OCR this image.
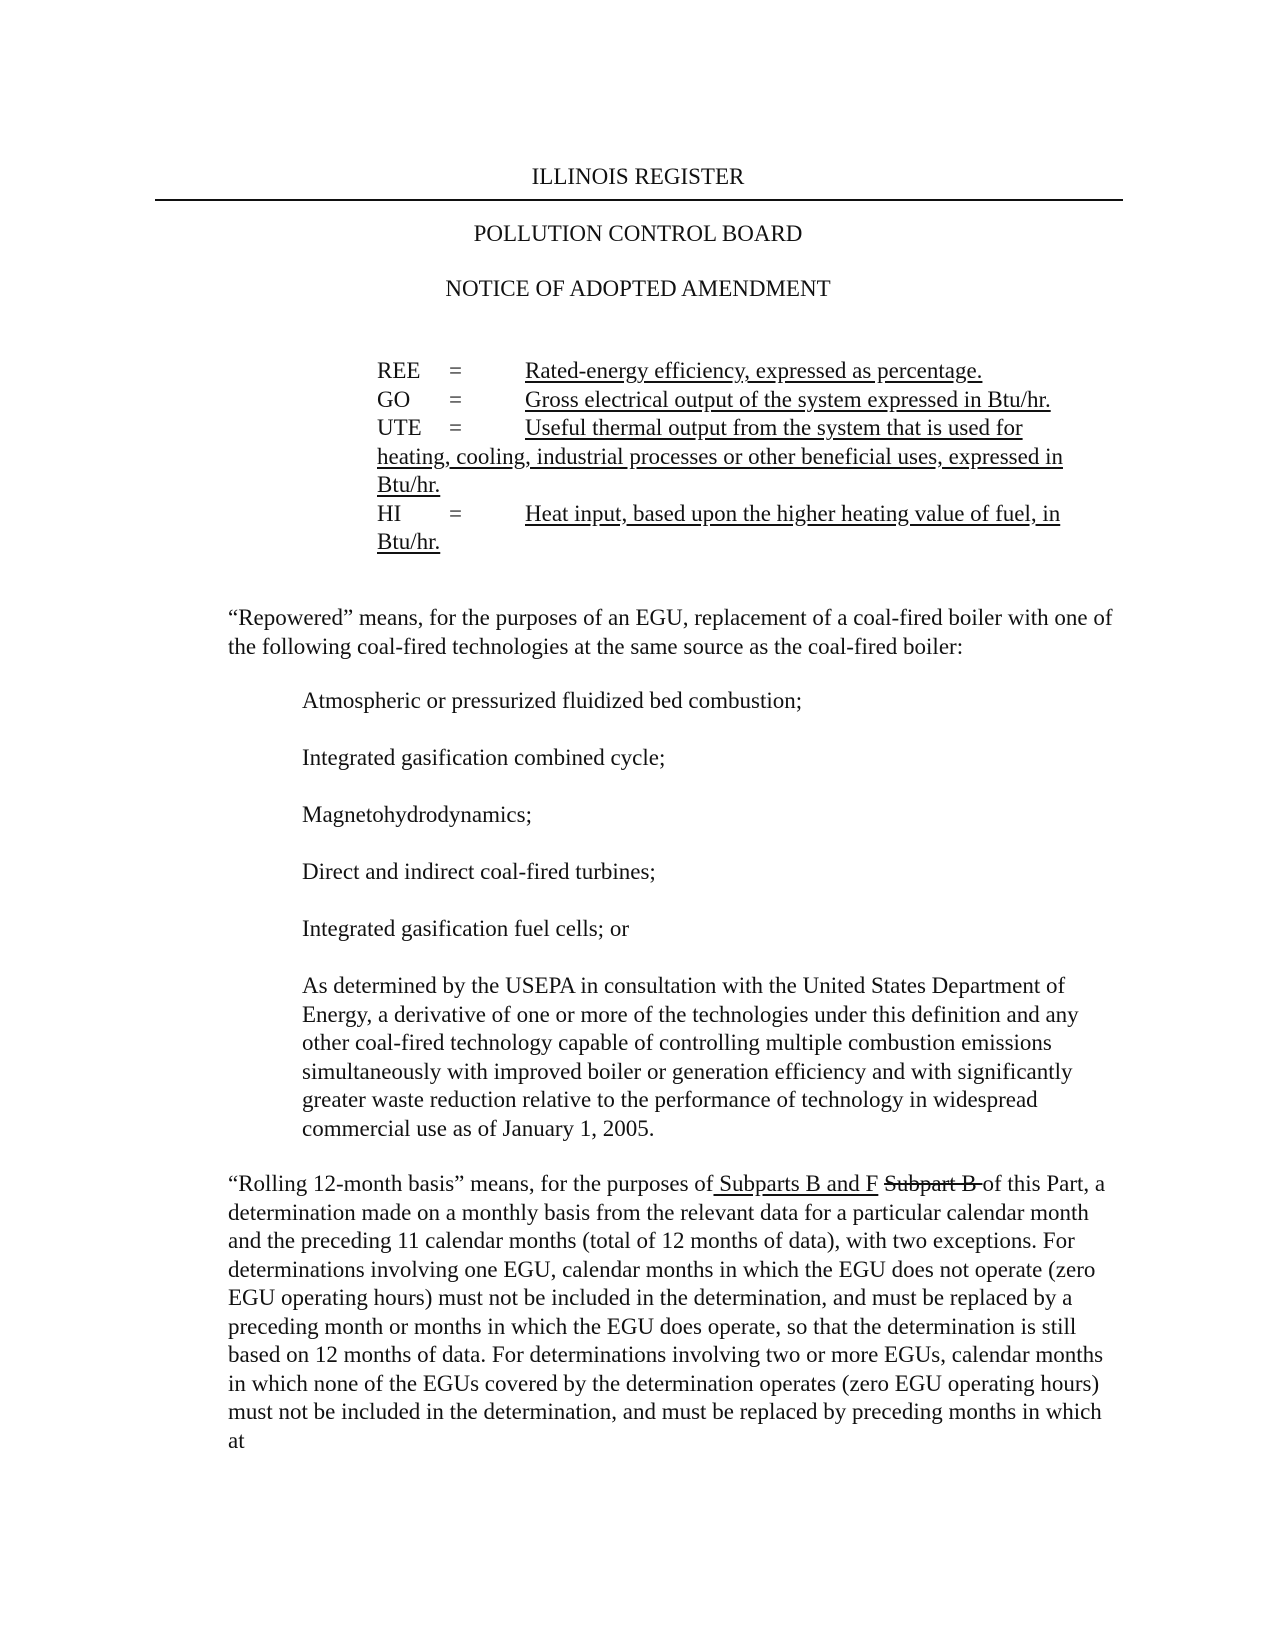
ILLINOIS REGISTER
POLLUTION CONTROL BOARD
NOTICE OF ADOPTED AMENDMENT
REE =	Rated-energy efficiency, expressed as percentage.
GO =	Gross electrical output of the system expressed in Btu/hr.
UTE =	Useful thermal output from the system that is used for
heating, cooling, industrial processes or other beneficial uses, expressed in Btu/hr.
HI =	Heat input, based upon the higher heating value of fuel, in
Btu/hr.
“Repowered” means, for the purposes of an EGU, replacement of a coal-fired boiler with one of the following coal-fired technologies at the same source as the coal-fired boiler:
Atmospheric or pressurized fluidized bed combustion;
Integrated gasification combined cycle;
Magnetohydrodynamics;
Direct and indirect coal-fired turbines;
Integrated gasification fuel cells; or
As determined by the USEPA in consultation with the United States Department of Energy, a derivative of one or more of the technologies under this definition and any other coal-fired technology capable of controlling multiple combustion emissions simultaneously with improved boiler or generation efficiency and with significantly greater waste reduction relative to the performance of technology in widespread commercial use as of January 1, 2005.
“Rolling 12-month basis” means, for the purposes of Subparts B and F Subpart B of this Part, a determination made on a monthly basis from the relevant data for a particular calendar month and the preceding 11 calendar months (total of 12 months of data), with two exceptions. For determinations involving one EGU, calendar months in which the EGU does not operate (zero EGU operating hours) must not be included in the determination, and must be replaced by a preceding month or months in which the EGU does operate, so that the determination is still based on 12 months of data. For determinations involving two or more EGUs, calendar months in which none of the EGUs covered by the determination operates (zero EGU operating hours) must not be included in the determination, and must be replaced by preceding months in which at
